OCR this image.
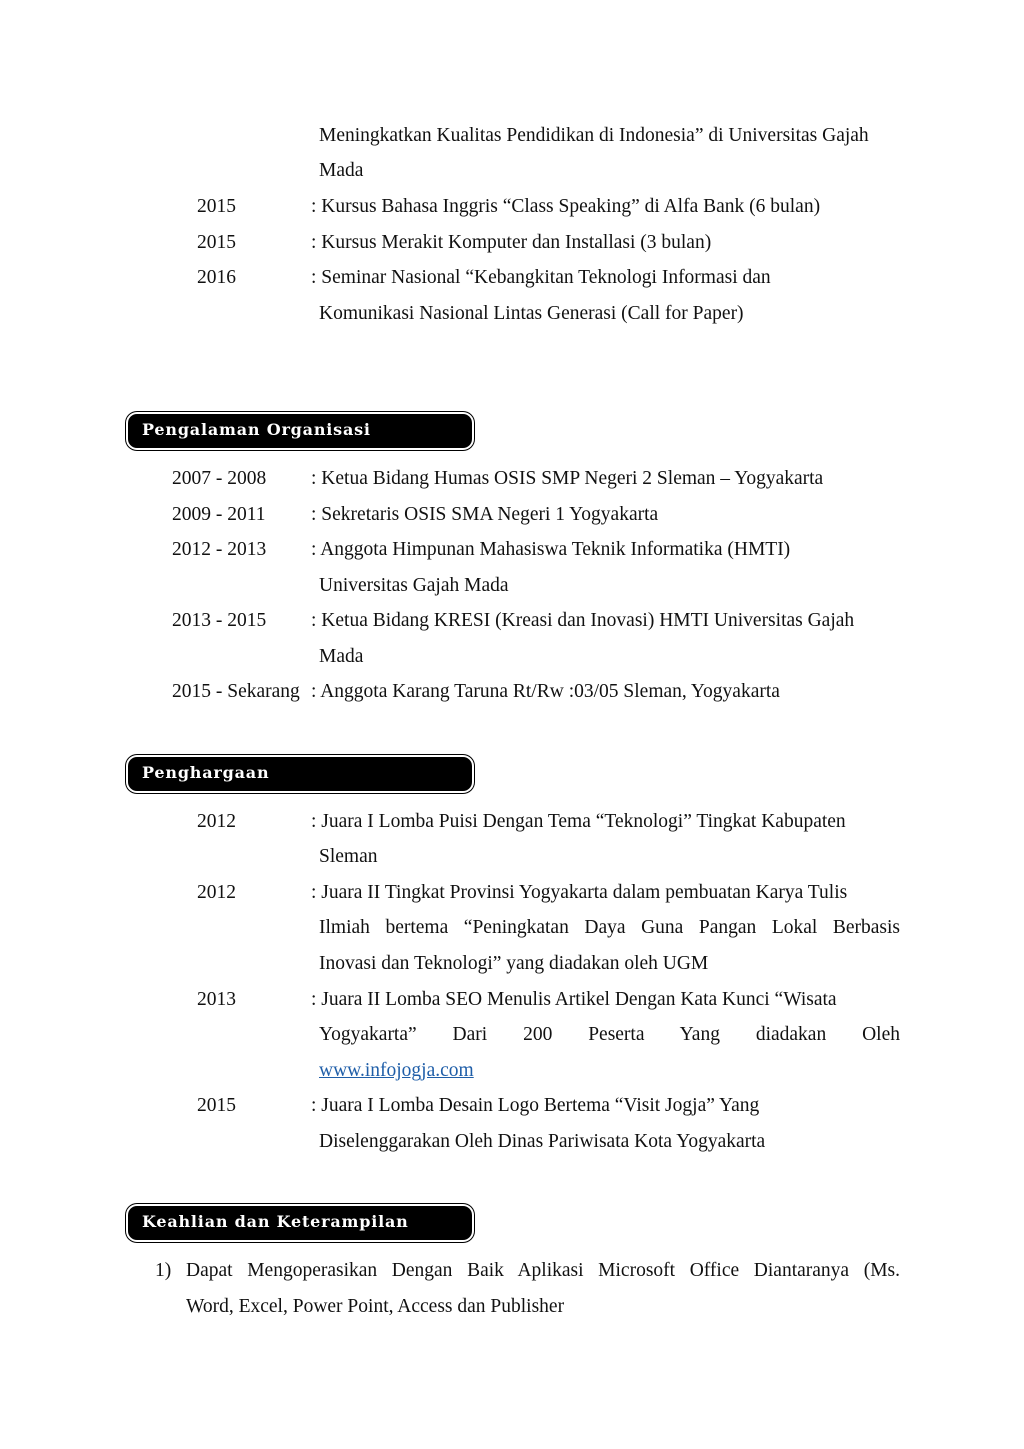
Meningkatkan Kualitas Pendidikan di Indonesia” di Universitas Gajah
Mada
2015	: Kursus Bahasa Inggris “Class Speaking” di Alfa Bank (6 bulan)
2015	: Kursus Merakit Komputer dan Installasi (3 bulan)
2016	: Seminar Nasional “Kebangkitan Teknologi Informasi dan
Komunikasi Nasional Lintas Generasi (Call for Paper)
Pengalaman Organisasi
2007 - 2008 : Ketua Bidang Humas OSIS SMP Negeri 2 Sleman – Yogyakarta
2009 - 2011 : Sekretaris OSIS SMA Negeri 1 Yogyakarta
2012 - 2013 : Anggota Himpunan Mahasiswa Teknik Informatika (HMTI)
Universitas Gajah Mada
2013 - 2015 : Ketua Bidang KRESI (Kreasi dan Inovasi) HMTI Universitas Gajah
Mada
2015 - Sekarang : Anggota Karang Taruna Rt/Rw :03/05 Sleman, Yogyakarta
Penghargaan
2012	: Juara I Lomba Puisi Dengan Tema “Teknologi” Tingkat Kabupaten
Sleman
2012	: Juara II Tingkat Provinsi Yogyakarta dalam pembuatan Karya Tulis
Ilmiah bertema “Peningkatan Daya Guna Pangan Lokal Berbasis
Inovasi dan Teknologi” yang diadakan oleh UGM
2013	: Juara II Lomba SEO Menulis Artikel Dengan Kata Kunci “Wisata
Yogyakarta” Dari 200 Peserta Yang diadakan Oleh
www.infojogja.com
2015	: Juara I Lomba Desain Logo Bertema “Visit Jogja” Yang
Diselenggarakan Oleh Dinas Pariwisata Kota Yogyakarta
Keahlian dan Keterampilan
1) Dapat Mengoperasikan Dengan Baik Aplikasi Microsoft Office Diantaranya (Ms.
Word, Excel, Power Point, Access dan Publisher
